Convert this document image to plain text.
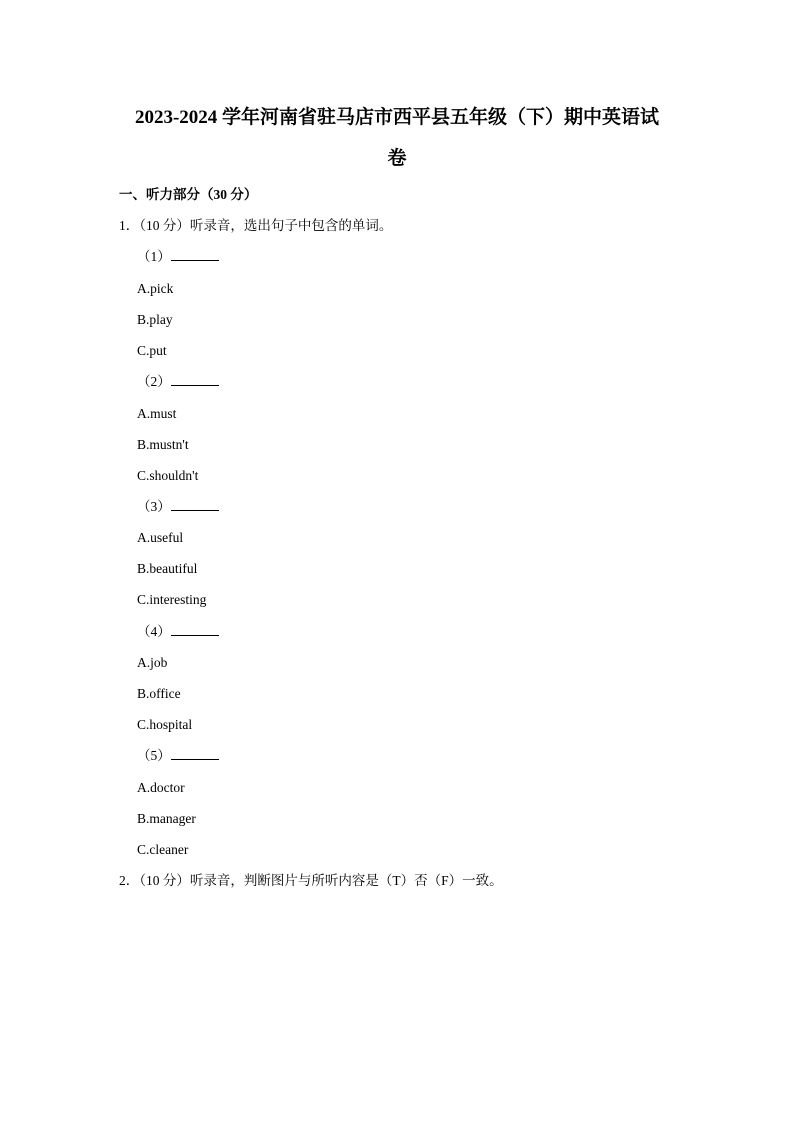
2023-2024 学年河南省驻马店市西平县五年级（下）期中英语试
卷
一、听力部分（30 分）
1．（10 分）听录音，选出句子中包含的单词。
（1）
A.pick
B.play
C.put
（2）
A.must
B.mustn't
C.shouldn't
（3）
A.useful
B.beautiful
C.interesting
（4）
A.job
B.office
C.hospital
（5）
A.doctor
B.manager
C.cleaner
2．（10 分）听录音，判断图片与所听内容是（T）否（F）一致。
